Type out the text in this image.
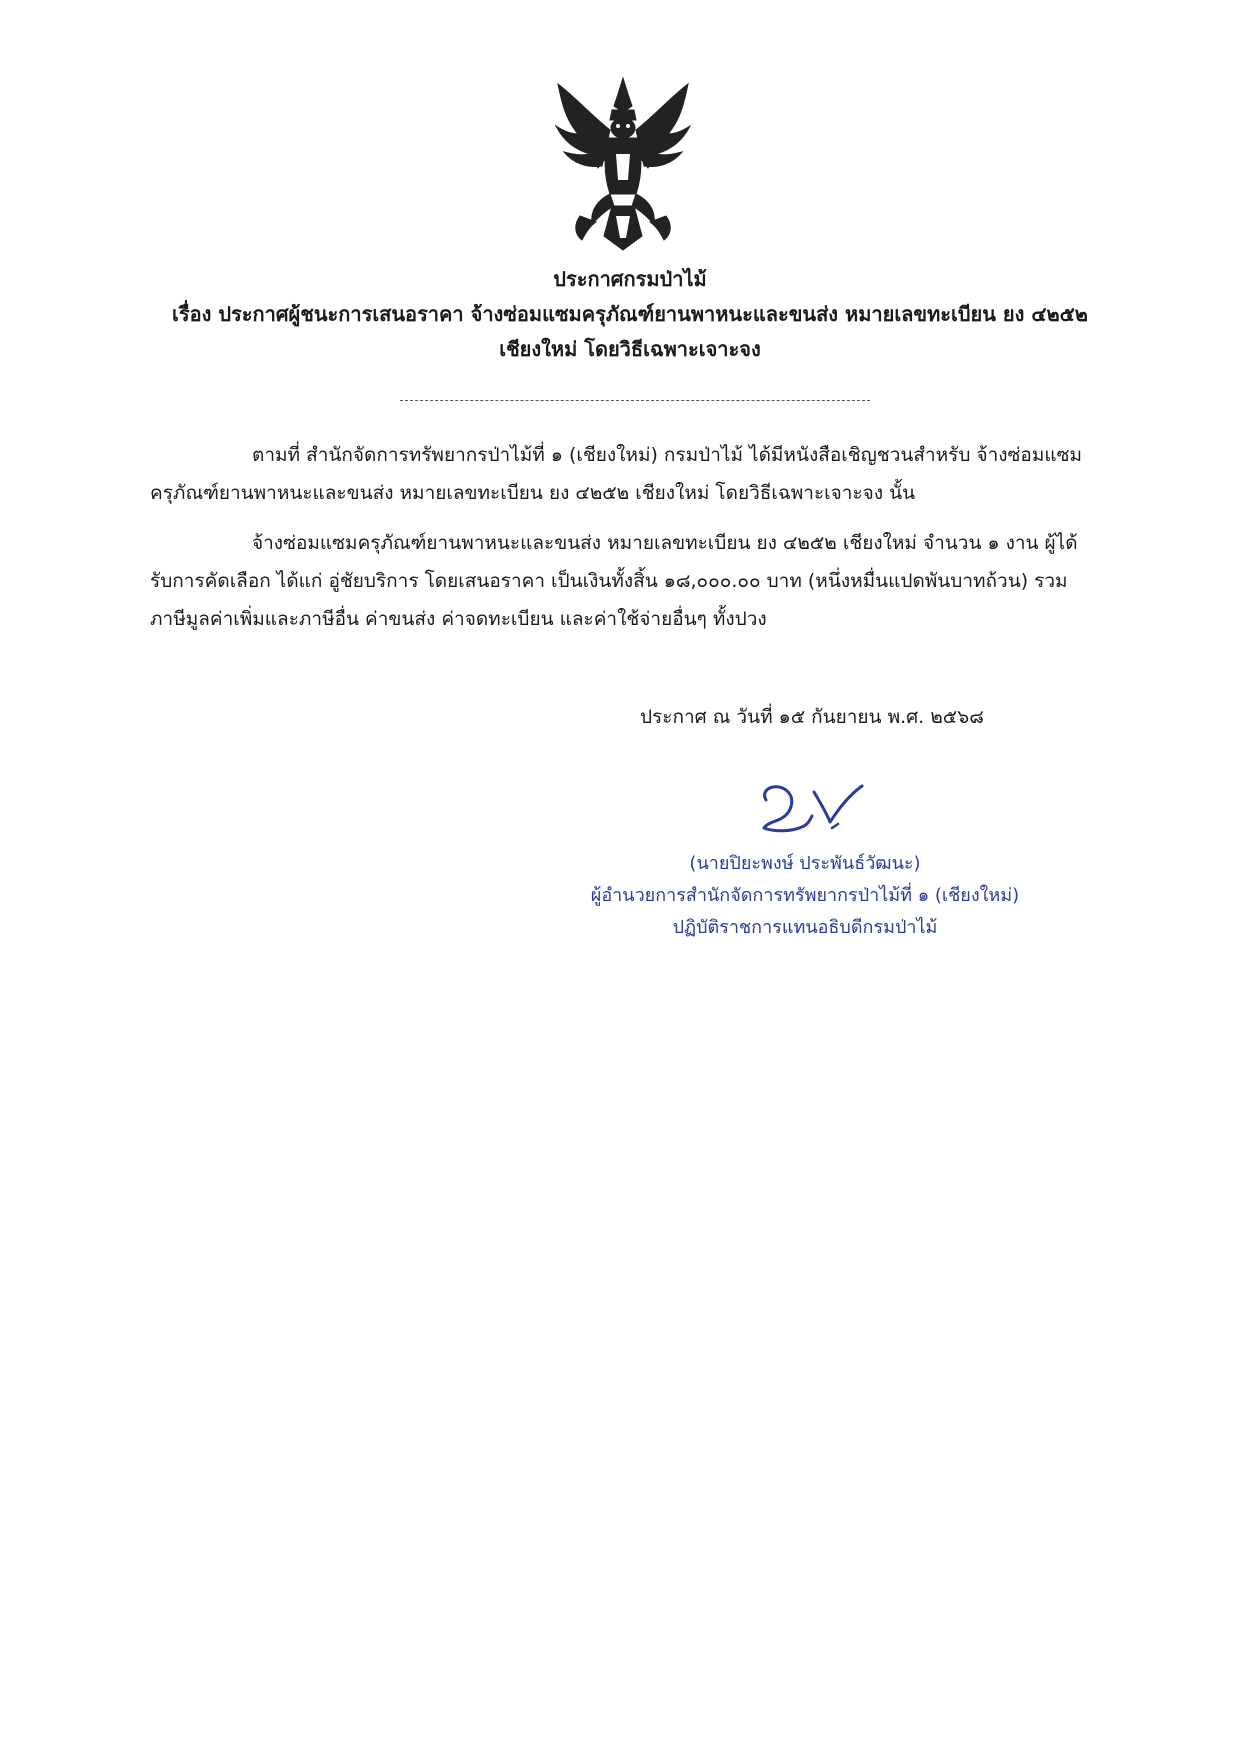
ประกาศกรมป่าไม้
เรื่อง ประกาศผู้ชนะการเสนอราคา จ้างซ่อมแซมครุภัณฑ์ยานพาหนะและขนส่ง หมายเลขทะเบียน ยง ๔๒๕๒
เชียงใหม่ โดยวิธีเฉพาะเจาะจง
ตามที่ สำนักจัดการทรัพยากรป่าไม้ที่ ๑ (เชียงใหม่) กรมป่าไม้ ได้มีหนังสือเชิญชวนสำหรับ จ้างซ่อมแซม
ครุภัณฑ์ยานพาหนะและขนส่ง หมายเลขทะเบียน ยง ๔๒๕๒ เชียงใหม่ โดยวิธีเฉพาะเจาะจง นั้น
จ้างซ่อมแซมครุภัณฑ์ยานพาหนะและขนส่ง หมายเลขทะเบียน ยง ๔๒๕๒ เชียงใหม่ จำนวน ๑ งาน ผู้ได้
รับการคัดเลือก ได้แก่ อู่ชัยบริการ โดยเสนอราคา เป็นเงินทั้งสิ้น ๑๘,๐๐๐.๐๐ บาท (หนึ่งหมื่นแปดพันบาทถ้วน) รวม
ภาษีมูลค่าเพิ่มและภาษีอื่น ค่าขนส่ง ค่าจดทะเบียน และค่าใช้จ่ายอื่นๆ ทั้งปวง
ประกาศ ณ วันที่ ๑๕ กันยายน พ.ศ. ๒๕๖๘
(นายปิยะพงษ์ ประพันธ์วัฒนะ)
ผู้อำนวยการสำนักจัดการทรัพยากรป่าไม้ที่ ๑ (เชียงใหม่)
ปฏิบัติราชการแทนอธิบดีกรมป่าไม้
